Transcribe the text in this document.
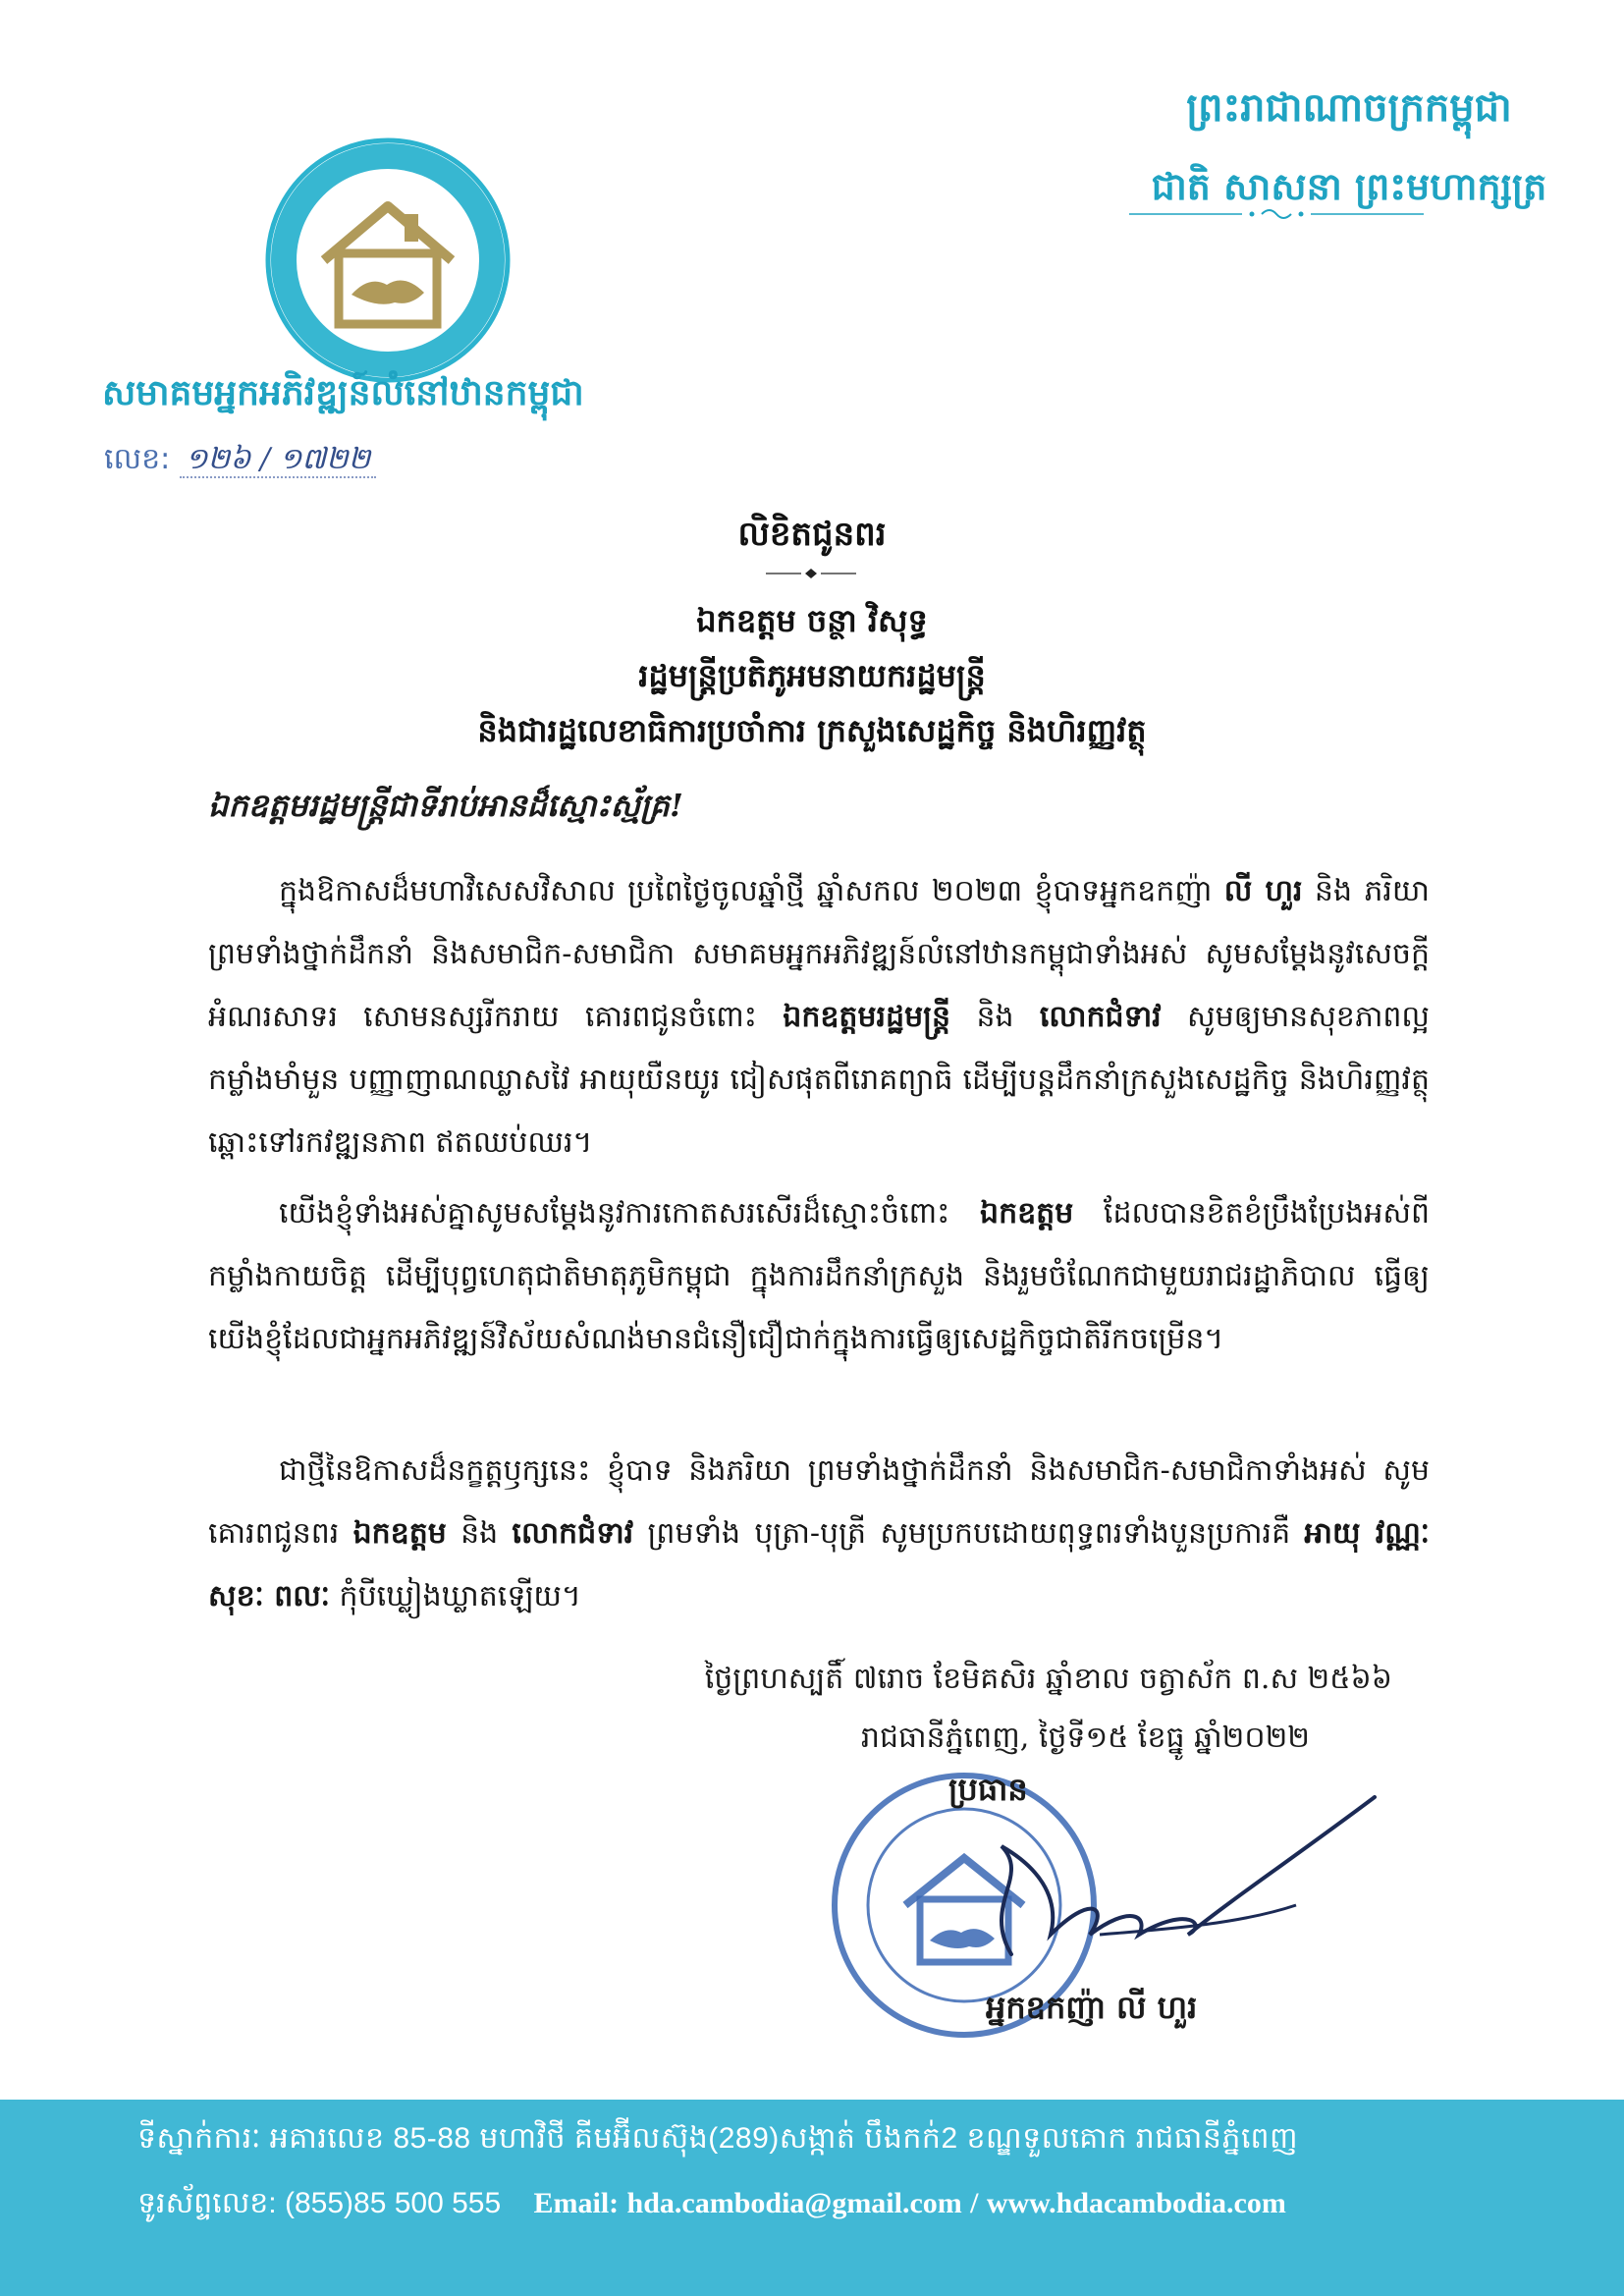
ព្រះរាជាណាចក្រកម្ពុជា
ជាតិ សាសនា ព្រះមហាក្សត្រ
សមាគមអ្នកអភិវឌ្ឍន៍លំនៅឋានកម្ពុជា
លេខ: ១២៦ / ១៧២២
លិខិតជូនពរ
ឯកឧត្តម ចន្ថា វិសុទ្ធ
រដ្ឋមន្ត្រីប្រតិភូអមនាយករដ្ឋមន្ត្រី
និងជារដ្ឋលេខាធិការប្រចាំការ ក្រសួងសេដ្ឋកិច្ច និងហិរញ្ញវត្ថុ
ឯកឧត្តមរដ្ឋមន្ត្រីជាទីរាប់អានដ៏ស្មោះស្ម័គ្រ!
ក្នុងឱកាសដ៏មហាវិសេសវិសាល ប្រពៃថ្ងៃចូលឆ្នាំថ្មី ឆ្នាំសកល ២០២៣ ខ្ញុំបាទអ្នកឧកញ៉ា លី ហួរ និង ភរិយា ព្រមទាំងថ្នាក់ដឹកនាំ និងសមាជិក-សមាជិកា សមាគមអ្នកអភិវឌ្ឍន៍លំនៅឋានកម្ពុជាទាំងអស់ សូមសម្តែងនូវសេចក្តីអំណរសាទរ សោមនស្សរីករាយ គោរពជូនចំពោះ ឯកឧត្តមរដ្ឋមន្ត្រី និង លោកជំទាវ សូមឲ្យមានសុខភាពល្អ កម្លាំងមាំមួន បញ្ញាញាណឈ្លាសវៃ អាយុយឺនយូរ ជៀសផុតពីរោគព្យាធិ ដើម្បីបន្តដឹកនាំក្រសួងសេដ្ឋកិច្ច និងហិរញ្ញវត្ថុ ឆ្ពោះទៅរកវឌ្ឍនភាព ឥតឈប់ឈរ។
យើងខ្ញុំទាំងអស់គ្នាសូមសម្តែងនូវការកោតសរសើរដ៏ស្មោះចំពោះ ឯកឧត្តម ដែលបានខិតខំប្រឹងប្រែងអស់ពីកម្លាំងកាយចិត្ត ដើម្បីបុព្វហេតុជាតិមាតុភូមិកម្ពុជា ក្នុងការដឹកនាំក្រសួង និងរួមចំណែកជាមួយរាជរដ្ឋាភិបាល ធ្វើឲ្យយើងខ្ញុំដែលជាអ្នកអភិវឌ្ឍន៍វិស័យសំណង់មានជំនឿជឿជាក់ក្នុងការធ្វើឲ្យសេដ្ឋកិច្ចជាតិរីកចម្រើន។
ជាថ្មីនៃឱកាសដ៏នក្ខត្តឫក្សនេះ ខ្ញុំបាទ និងភរិយា ព្រមទាំងថ្នាក់ដឹកនាំ និងសមាជិក-សមាជិកាទាំងអស់ សូមគោរពជូនពរ ឯកឧត្តម និង លោកជំទាវ ព្រមទាំង បុត្រា-បុត្រី សូមប្រកបដោយពុទ្ធពរទាំងបួនប្រការគឺ អាយុ វណ្ណៈ សុខៈ ពលៈ កុំបីឃ្លៀងឃ្លាតឡើយ។
ថ្ងៃព្រហស្បតិ៍ ៧រោច ខែមិគសិរ ឆ្នាំខាល ចត្វាស័ក ព.ស ២៥៦៦
រាជធានីភ្នំពេញ, ថ្ងៃទី១៥ ខែធ្នូ ឆ្នាំ២០២២
ប្រធាន
អ្នកឧកញ៉ា លី ហួរ
ទីស្នាក់ការៈ អគារលេខ 85-88 មហាវិថី គីមអ៊ីលស៊ុង(289)សង្កាត់ បឹងកក់2 ខណ្ឌទួលគោក រាជធានីភ្នំពេញ
ទូរស័ព្ទលេខ: (855)85 500 555 Email: hda.cambodia@gmail.com / www.hdacambodia.com
